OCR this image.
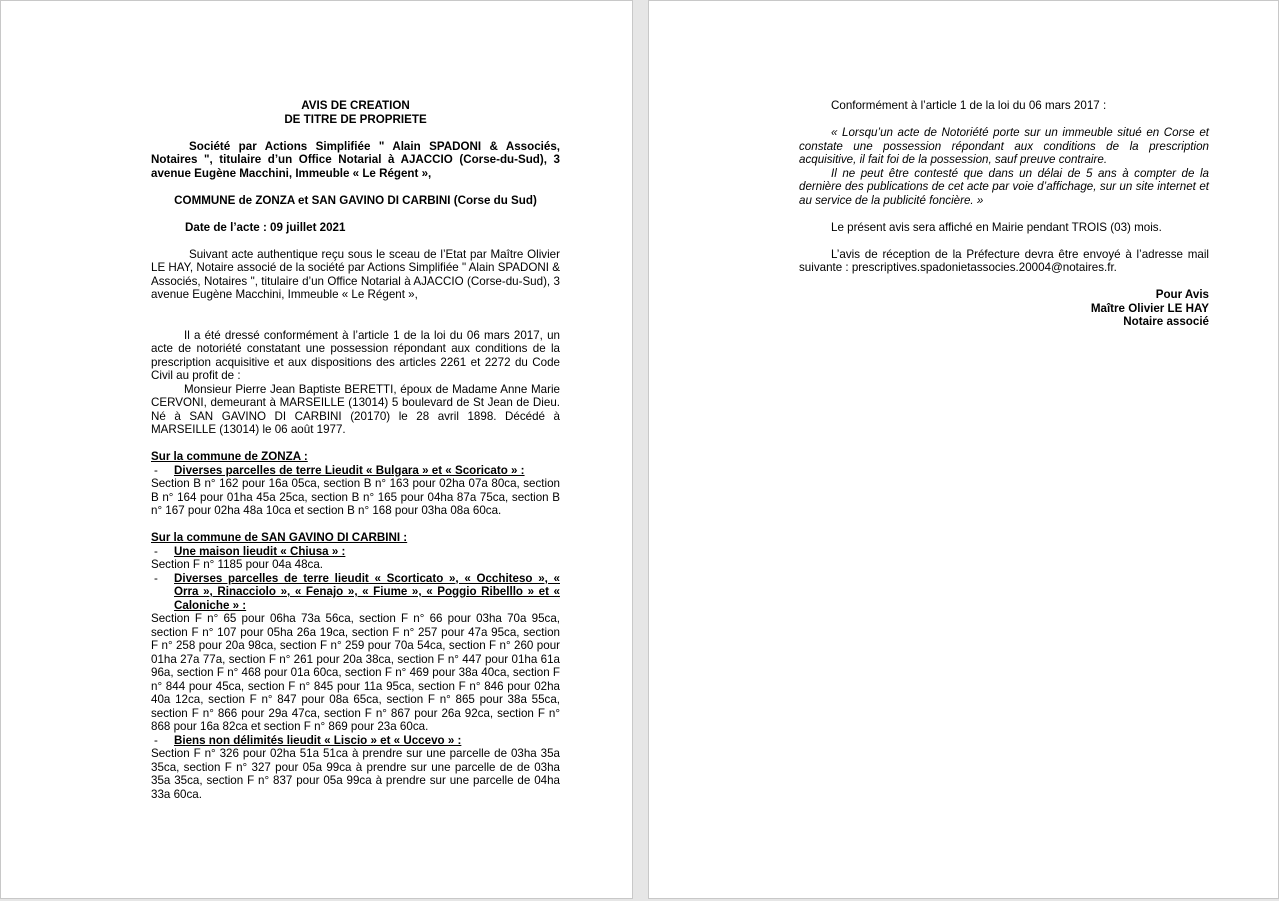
AVIS DE CREATION

DE TITRE DE PROPRIETE

Société par Actions Simplifiée " Alain SPADONI & Associés, Notaires ", titulaire d’un Office Notarial à AJACCIO (Corse-du-Sud), 3 avenue Eugène Macchini, Immeuble « Le Régent »,

COMMUNE de ZONZA et SAN GAVINO DI CARBINI (Corse du Sud)

Date de l’acte : 09 juillet 2021

Suivant acte authentique reçu sous le sceau de l’Etat par Maître Olivier LE HAY, Notaire associé de la société par Actions Simplifiée " Alain SPADONI & Associés, Notaires ", titulaire d’un Office Notarial à AJACCIO (Corse-du-Sud), 3 avenue Eugène Macchini, Immeuble « Le Régent »,

Il a été dressé conformément à l’article 1 de la loi du 06 mars 2017, un acte de notoriété constatant une possession répondant aux conditions de la prescription acquisitive et aux dispositions des articles 2261 et 2272 du Code Civil au profit de :

Monsieur Pierre Jean Baptiste BERETTI, époux de Madame Anne Marie CERVONI, demeurant à MARSEILLE (13014) 5 boulevard de St Jean de Dieu. Né à SAN GAVINO DI CARBINI (20170) le 28 avril 1898. Décédé à MARSEILLE (13014) le 06 août 1977.

Sur la commune de ZONZA :

- Diverses parcelles de terre Lieudit « Bulgara » et « Scoricato » :

Section B n° 162 pour 16a 05ca, section B n° 163 pour 02ha 07a 80ca, section B n° 164 pour 01ha 45a 25ca, section B n° 165 pour 04ha 87a 75ca, section B n° 167 pour 02ha 48a 10ca et section B n° 168 pour 03ha 08a 60ca.

Sur la commune de SAN GAVINO DI CARBINI :

- Une maison lieudit « Chiusa » :

Section F n° 1185 pour 04a 48ca.

- Diverses parcelles de terre lieudit « Scorticato », « Occhiteso », « Orra », Rinacciolo », « Fenajo », « Fiume », « Poggio Ribelllo » et « Caloniche » :

Section F n° 65 pour 06ha 73a 56ca, section F n° 66 pour 03ha 70a 95ca, section F n° 107 pour 05ha 26a 19ca, section F n° 257 pour 47a 95ca, section F n° 258 pour 20a 98ca, section F n° 259 pour 70a 54ca, section F n° 260 pour 01ha 27a 77a, section F n° 261 pour 20a 38ca, section F n° 447 pour 01ha 61a 96a, section F n° 468 pour 01a 60ca, section F n° 469 pour 38a 40ca, section F n° 844 pour 45ca, section F n° 845 pour 11a 95ca, section F n° 846 pour 02ha 40a 12ca, section F n° 847 pour 08a 65ca, section F n° 865 pour 38a 55ca, section F n° 866 pour 29a 47ca, section F n° 867 pour 26a 92ca, section F n° 868 pour 16a 82ca et section F n° 869 pour 23a 60ca.

- Biens non délimités lieudit « Liscio » et « Uccevo » :

Section F n° 326 pour 02ha 51a 51ca à prendre sur une parcelle de 03ha 35a 35ca, section F n° 327 pour 05a 99ca à prendre sur une parcelle de de 03ha 35a 35ca, section F n° 837 pour 05a 99ca à prendre sur une parcelle de 04ha 33a 60ca.

Conformément à l’article 1 de la loi du 06 mars 2017 :

« Lorsqu’un acte de Notoriété porte sur un immeuble situé en Corse et constate une possession répondant aux conditions de la prescription acquisitive, il fait foi de la possession, sauf preuve contraire.

Il ne peut être contesté que dans un délai de 5 ans à compter de la dernière des publications de cet acte par voie d’affichage, sur un site internet et au service de la publicité foncière. »

Le présent avis sera affiché en Mairie pendant TROIS (03) mois.

L’avis de réception de la Préfecture devra être envoyé à l’adresse mail suivante : prescriptives.spadonietassocies.20004@notaires.fr.

Pour Avis

Maître Olivier LE HAY

Notaire associé
